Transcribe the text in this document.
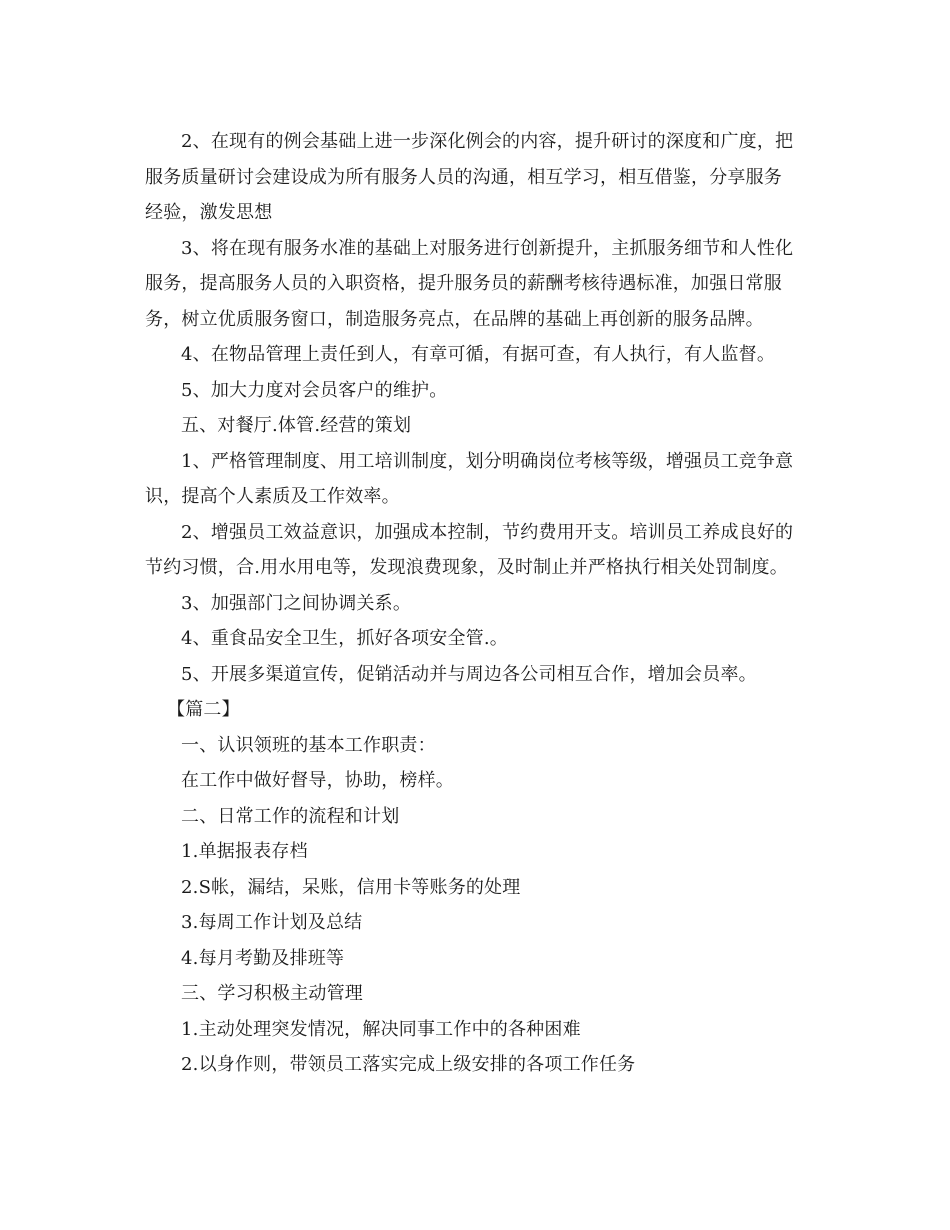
2、在现有的例会基础上进一步深化例会的内容，提升研讨的深度和广度，把

服务质量研讨会建设成为所有服务人员的沟通，相互学习，相互借鉴，分享服务

经验，激发思想

3、将在现有服务水准的基础上对服务进行创新提升，主抓服务细节和人性化

服务，提高服务人员的入职资格，提升服务员的薪酬考核待遇标准，加强日常服

务，树立优质服务窗口，制造服务亮点，在品牌的基础上再创新的服务品牌。

4、在物品管理上责任到人，有章可循，有据可查，有人执行，有人监督。

5、加大力度对会员客户的维护。

五、对餐厅.体管.经营的策划

1、严格管理制度、用工培训制度，划分明确岗位考核等级，增强员工竞争意

识，提高个人素质及工作效率。

2、增强员工效益意识，加强成本控制，节约费用开支。培训员工养成良好的

节约习惯，合.用水用电等，发现浪费现象，及时制止并严格执行相关处罚制度。

3、加强部门之间协调关系。

4、重食品安全卫生，抓好各项安全管.。

5、开展多渠道宣传，促销活动并与周边各公司相互合作，增加会员率。

【篇二】

一、认识领班的基本工作职责：

在工作中做好督导，协助，榜样。

二、日常工作的流程和计划

1.单据报表存档

2.S帐，漏结，呆账，信用卡等账务的处理

3.每周工作计划及总结

4.每月考勤及排班等

三、学习积极主动管理

1.主动处理突发情况，解决同事工作中的各种困难

2.以身作则，带领员工落实完成上级安排的各项工作任务
